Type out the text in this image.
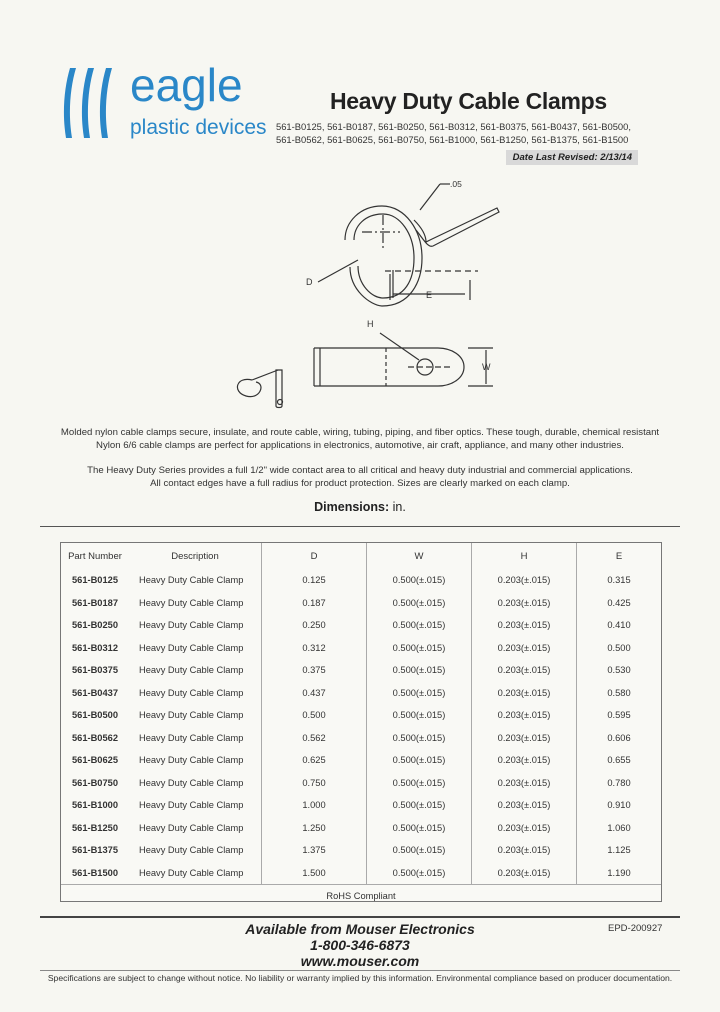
eagle
plastic devices
Heavy Duty Cable Clamps
561-B0125, 561-B0187, 561-B0250, 561-B0312, 561-B0375, 561-B0437, 561-B0500,
561-B0562, 561-B0625, 561-B0750, 561-B1000, 561-B1250, 561-B1375, 561-B1500
Date Last Revised: 2/13/14
.05
D
E
H
W
Molded nylon cable clamps secure, insulate, and route cable, wiring, tubing, piping, and fiber optics. These tough, durable, chemical resistant
Nylon 6/6 cable clamps are perfect for applications in electronics, automotive, air craft, appliance, and many other industries.
The Heavy Duty Series provides a full 1/2" wide contact area to all critical and heavy duty industrial and commercial applications.
All contact edges have a full radius for product protection. Sizes are clearly marked on each clamp.
Dimensions: in.
Part Number	Description	D	W	H	E
561-B0125	Heavy Duty Cable Clamp	0.125	0.500(±.015)	0.203(±.015)	0.315
561-B0187	Heavy Duty Cable Clamp	0.187	0.500(±.015)	0.203(±.015)	0.425
561-B0250	Heavy Duty Cable Clamp	0.250	0.500(±.015)	0.203(±.015)	0.410
561-B0312	Heavy Duty Cable Clamp	0.312	0.500(±.015)	0.203(±.015)	0.500
561-B0375	Heavy Duty Cable Clamp	0.375	0.500(±.015)	0.203(±.015)	0.530
561-B0437	Heavy Duty Cable Clamp	0.437	0.500(±.015)	0.203(±.015)	0.580
561-B0500	Heavy Duty Cable Clamp	0.500	0.500(±.015)	0.203(±.015)	0.595
561-B0562	Heavy Duty Cable Clamp	0.562	0.500(±.015)	0.203(±.015)	0.606
561-B0625	Heavy Duty Cable Clamp	0.625	0.500(±.015)	0.203(±.015)	0.655
561-B0750	Heavy Duty Cable Clamp	0.750	0.500(±.015)	0.203(±.015)	0.780
561-B1000	Heavy Duty Cable Clamp	1.000	0.500(±.015)	0.203(±.015)	0.910
561-B1250	Heavy Duty Cable Clamp	1.250	0.500(±.015)	0.203(±.015)	1.060
561-B1375	Heavy Duty Cable Clamp	1.375	0.500(±.015)	0.203(±.015)	1.125
561-B1500	Heavy Duty Cable Clamp	1.500	0.500(±.015)	0.203(±.015)	1.190
RoHS Compliant					
Available from Mouser Electronics
1-800-346-6873
www.mouser.com
EPD-200927
Specifications are subject to change without notice. No liability or warranty implied by this information. Environmental compliance based on producer documentation.
